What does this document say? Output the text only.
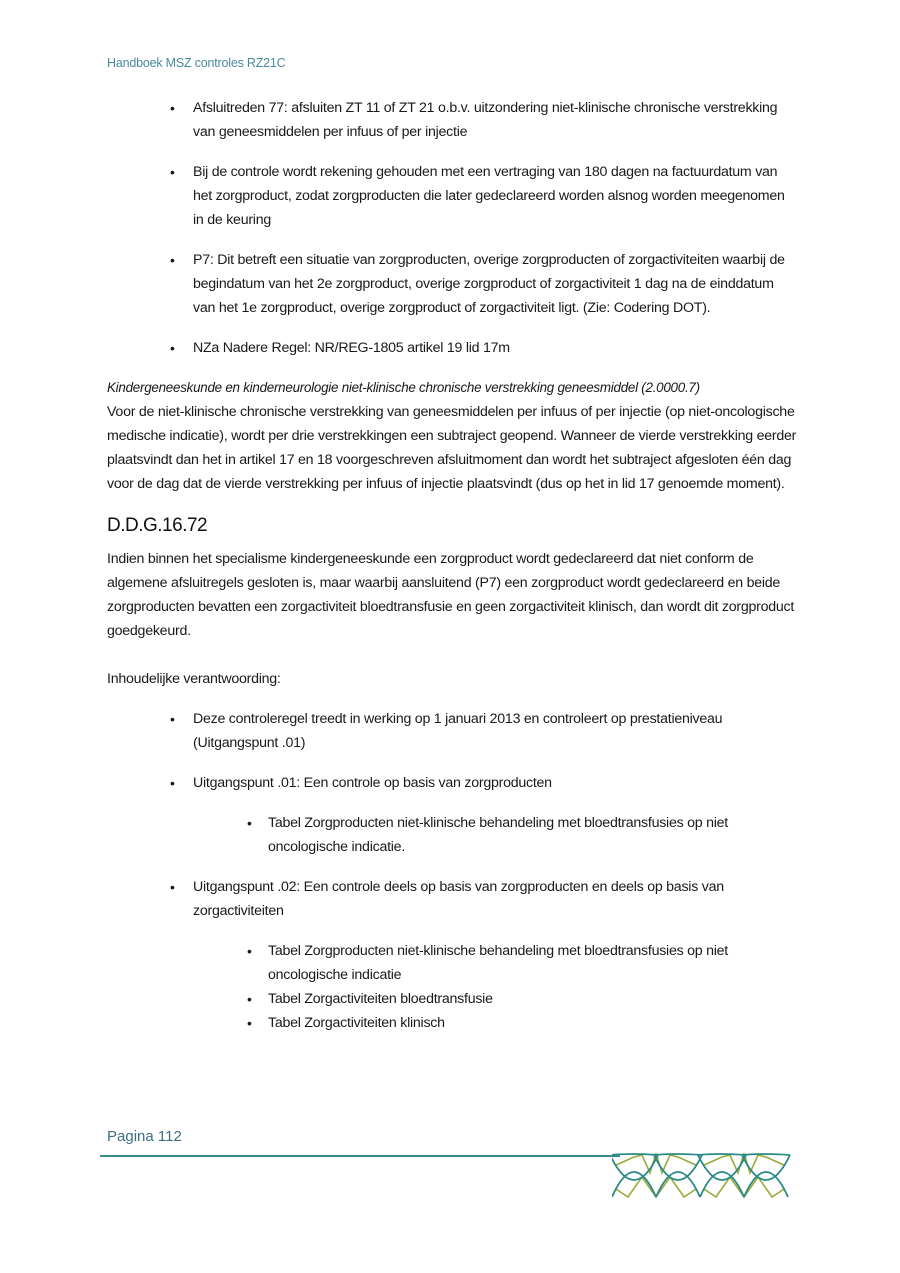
Handboek MSZ controles RZ21C
• Afsluitreden 77: afsluiten ZT 11 of ZT 21 o.b.v. uitzondering niet-klinische chronische verstrekking van geneesmiddelen per infuus of per injectie
• Bij de controle wordt rekening gehouden met een vertraging van 180 dagen na factuurdatum van het zorgproduct, zodat zorgproducten die later gedeclareerd worden alsnog worden meegenomen in de keuring
• P7: Dit betreft een situatie van zorgproducten, overige zorgproducten of zorgactiviteiten waarbij de begindatum van het 2e zorgproduct, overige zorgproduct of zorgactiviteit 1 dag na de einddatum van het 1e zorgproduct, overige zorgproduct of zorgactiviteit ligt. (Zie: Codering DOT).
• NZa Nadere Regel: NR/REG-1805 artikel 19 lid 17m
Kindergeneeskunde en kinderneurologie niet-klinische chronische verstrekking geneesmiddel (2.0000.7)

Voor de niet-klinische chronische verstrekking van geneesmiddelen per infuus of per injectie (op niet-oncologische medische indicatie), wordt per drie verstrekkingen een subtraject geopend. Wanneer de vierde verstrekking eerder plaatsvindt dan het in artikel 17 en 18 voorgeschreven afsluitmoment dan wordt het subtraject afgesloten één dag voor de dag dat de vierde verstrekking per infuus of injectie plaatsvindt (dus op het in lid 17 genoemde moment).

D.D.G.16.72

Indien binnen het specialisme kindergeneeskunde een zorgproduct wordt gedeclareerd dat niet conform de algemene afsluitregels gesloten is, maar waarbij aansluitend (P7) een zorgproduct wordt gedeclareerd en beide zorgproducten bevatten een zorgactiviteit bloedtransfusie en geen zorgactiviteit klinisch, dan wordt dit zorgproduct goedgekeurd.

Inhoudelijke verantwoording:
• Deze controleregel treedt in werking op 1 januari 2013 en controleert op prestatieniveau (Uitgangspunt .01)
• Uitgangspunt .01: Een controle op basis van zorgproducten
• Tabel Zorgproducten niet-klinische behandeling met bloedtransfusies op niet oncologische indicatie.
• Uitgangspunt .02: Een controle deels op basis van zorgproducten en deels op basis van zorgactiviteiten
• Tabel Zorgproducten niet-klinische behandeling met bloedtransfusies op niet oncologische indicatie
• Tabel Zorgactiviteiten bloedtransfusie
• Tabel Zorgactiviteiten klinisch
Pagina 112
